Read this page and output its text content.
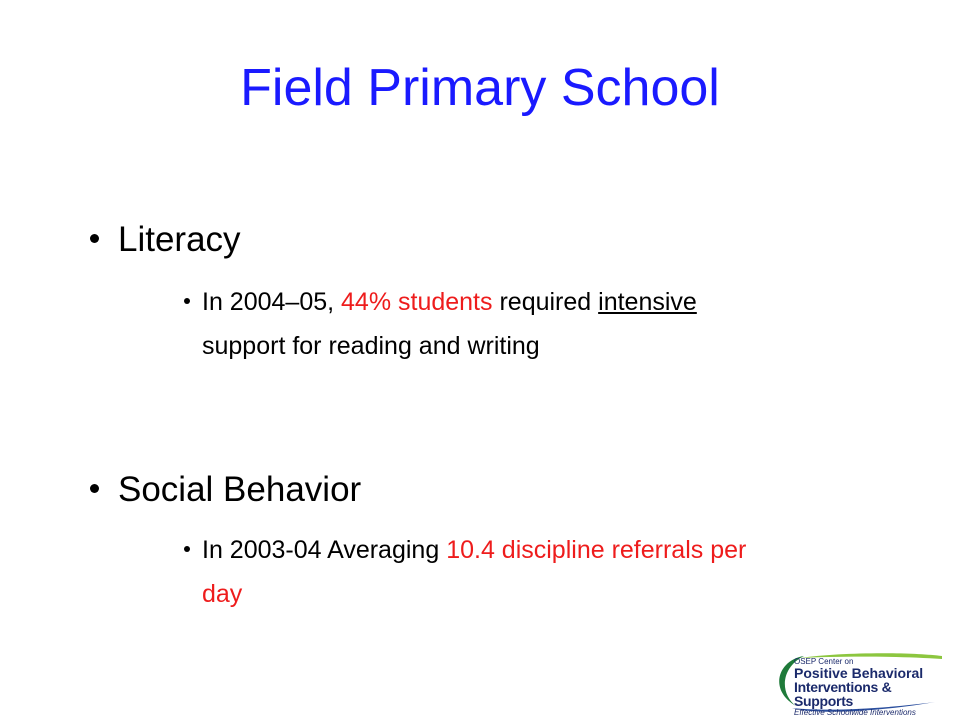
Field Primary School
Literacy
In 2004–05, 44% students required intensive support for reading and writing
Social Behavior
In 2003-04 Averaging 10.4 discipline referrals per day
OSEP Center on
Positive Behavioral
Interventions & Supports
Effective Schoolwide Interventions
